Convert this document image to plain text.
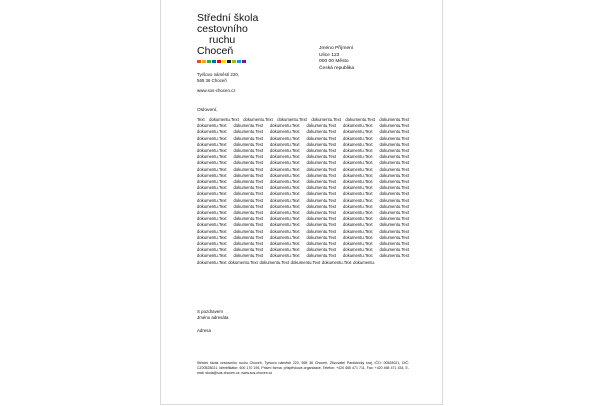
Střední škola
cestovního
ruchu
Choceň
Tyršovo náměstí 220,
565 36 Choceň
www.sos-chocen.cz
Jméno Příjmení
Ulice 123
000 00 Město
Česká republika
Oslovení,
Text dokumentu.Text dokumentu.Text dokumentu.Text dokumentu.Text dokumentu.Text dokumentu.Text dokumentu.Text dokumentu.Text dokumentu.Text dokumentu.Text dokumentu.Text dokumentu.Text dokumentu.Text dokumentu.Text dokumentu.Text dokumentu.Text dokumentu.Text dokumentu.Text dokumentu.Text dokumentu.Text dokumentu.Text dokumentu.Text dokumentu.Text dokumentu.Text dokumentu.Text dokumentu.Text dokumentu.Text dokumentu.Text dokumentu.Text dokumentu.Text dokumentu.Text dokumentu.Text dokumentu.Text dokumentu.Text dokumentu.Text dokumentu.Text dokumentu.Text dokumentu.Text dokumentu.Text dokumentu.Text dokumentu.Text dokumentu.Text dokumentu.Text dokumentu.Text dokumentu.Text dokumentu.Text dokumentu.Text dokumentu.Text dokumentu.Text dokumentu.Text dokumentu.Text dokumentu.Text dokumentu.Text dokumentu.Text dokumentu.Text dokumentu.Text dokumentu.Text dokumentu.Text dokumentu.Text dokumentu.Text dokumentu.Text dokumentu.Text dokumentu.Text dokumentu.Text dokumentu.Text dokumentu.Text dokumentu.Text dokumentu.Text dokumentu.Text dokumentu.Text dokumentu.Text dokumentu.Text dokumentu.Text dokumentu.Text dokumentu.Text dokumentu.Text dokumentu.Text dokumentu.Text dokumentu.Text dokumentu.Text dokumentu.Text dokumentu.Text dokumentu.Text dokumentu.Text dokumentu.Text dokumentu.Text dokumentu.Text dokumentu.Text dokumentu.Text dokumentu.Text dokumentu.Text dokumentu.Text dokumentu.Text dokumentu.Text dokumentu.Text dokumentu.Text dokumentu.Text dokumentu.Text dokumentu.Text dokumentu.Text dokumentu.Text dokumentu.Text dokumentu.Text dokumentu.Text dokumentu.Text dokumentu.Text dokumentu.Text dokumentu.Text dokumentu.Text dokumentu.Text dokumentu.Text dokumentu.Text dokumentu.Text dokumentu.Text dokumentu.Text dokumentu.Text dokumentu.Text dokumentu.Text dokumentu.Text dokumentu.Text dokumentu.Text dokumentu.Text dokumentu.Text dokumentu.Text dokumentu.Text dokumentu.Text dokumentu.Text dokumentu.Text dokumentu.Text dokumentu.Text dokumentu.Text dokumentu.Text dokumentu.Text dokumentu.Text dokumentu.Text dokumentu.Text dokumentu.Text dokumentu.Text dokumentu.Text dokumentu.Text dokumentu.Text dokumentu.Text dokumentu.Text dokumentu.
S pozdravem
Jméno adresáta
Adresa
Střední škola cestovního ruchu Choceň, Tyršovo náměstí 220, 565 36 Choceň, Zřizovatel Pardubický kraj, IČO: 00528021, DIČ: CZ00528021, Identifikátor: 600 170 195, Právní forma: příspěvková organizace, Telefon: +420 465 471 711, Fax: +420 465 471 434, E-mail: skola@sos-chocen.cz, www.sos-chocen.cz
